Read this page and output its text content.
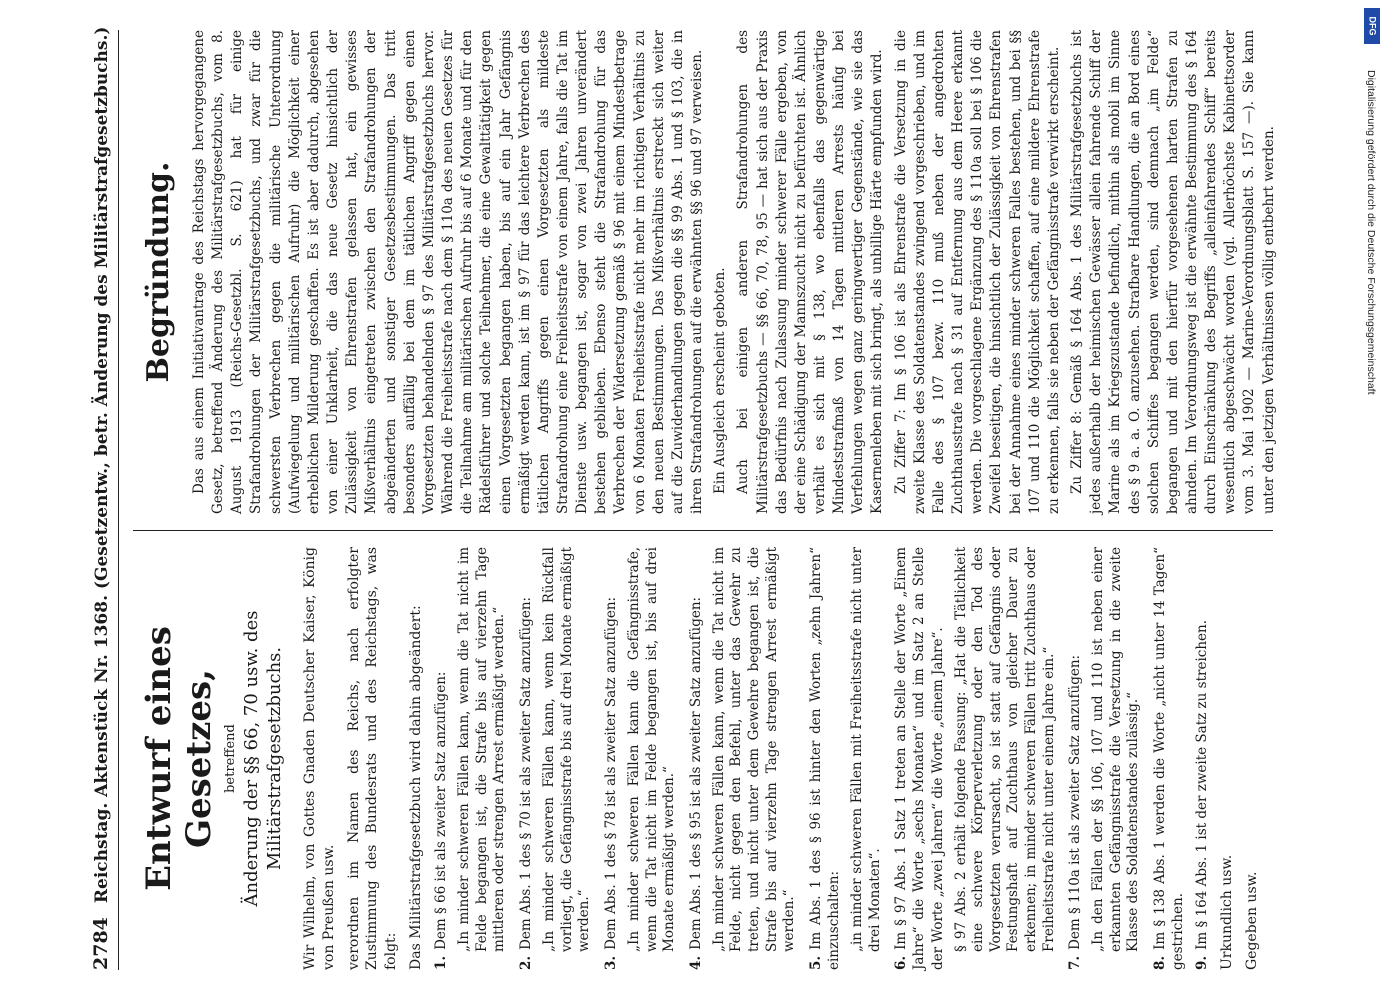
2784
Reichstag. Aktenstück Nr. 1368. (Gesetzentw., betr. Änderung des Militärstrafgesetzbuchs.) Entwurf eines Gesetzes, betreffend Änderung der §§ 66, 70 usw. des Militärstrafgesetzbuchs. Wir Wilhelm, von Gottes Gnaden Deutscher Kaiser, König von Preußen usw. verordnen im Namen des Reichs, nach erfolgter Zustimmung des Bundesrats und des Reichstags, was folgt: Das Militärstrafgesetzbuch wird dahin abgeändert: 1.Dem § 66 ist als zweiter Satz anzufügen: „In minder schweren Fällen kann, wenn die Tat nicht im Felde begangen ist, die Strafe bis auf vierzehn Tage mittleren oder strengen Arrest ermäßigt werden.“
2.Dem Abs. 1 des § 70 ist als zweiter Satz anzufügen: „In minder schweren Fällen kann, wenn kein Rückfall vorliegt, die Gefängnisstrafe bis auf drei Monate ermäßigt werden.“
3.Dem Abs. 1 des § 78 ist als zweiter Satz anzufügen: „In minder schweren Fällen kann die Gefängnisstrafe, wenn die Tat nicht im Felde begangen ist, bis auf drei Monate ermäßigt werden.“
4.Dem Abs. 1 des § 95 ist als zweiter Satz anzufügen: „In minder schweren Fällen kann, wenn die Tat nicht im Felde, nicht gegen den Befehl, unter das Gewehr zu treten, und nicht unter dem Gewehre begangen ist, die Strafe bis auf vierzehn Tage strengen Arrest ermäßigt werden.“
5.Im Abs. 1 des § 96 ist hinter den Worten „zehn Jahren“ einzuschalten: „in minder schweren Fällen mit Freiheitsstrafe nicht unter drei Monaten“.
6.Im § 97 Abs. 1 Satz 1 treten an Stelle der Worte „Einem Jahre“ die Worte „sechs Monaten“ und im Satz 2 an Stelle der Worte „zwei Jahren“ die Worte „einem Jahre“. § 97 Abs. 2 erhält folgende Fassung: „Hat die Tätlichkeit eine schwere Körperverletzung oder den Tod des Vorgesetzten verursacht, so ist statt auf Gefängnis oder Festungshaft auf Zuchthaus von gleicher Dauer zu erkennen; in minder schweren Fällen tritt Zuchthaus oder Freiheitsstrafe nicht unter einem Jahre ein.“
7.Dem § 110a ist als zweiter Satz anzufügen: „In den Fällen der §§ 106, 107 und 110 ist neben einer erkannten Gefängnisstrafe die Versetzung in die zweite Klasse des Soldatenstandes zulässig.“
8.Im § 138 Abs. 1 werden die Worte „nicht unter 14 Tagen“ gestrichen. 9.Im § 164 Abs. 1 ist der zweite Satz zu streichen. Urkundlich usw. Gegeben usw.

Begründung. Das aus einem Initiativantrage des Reichstags hervorgegangene Gesetz, betreffend Änderung des Militärstrafgesetzbuchs, vom 8. August 1913 (Reichs-Gesetzbl. S. 621) hat für einige Strafandrohungen der Militärstrafgesetzbuchs, und zwar für die schwersten Verbrechen gegen die militärische Unterordnung (Aufwiegelung und militärischen Aufruhr) die Möglichkeit einer erheblichen Milderung geschaffen. Es ist aber dadurch, abgesehen von einer Unklarheit, die das neue Gesetz hinsichtlich der Zulässigkeit von Ehrenstrafen gelassen hat, ein gewisses Mißverhältnis eingetreten zwischen den Strafandrohungen der abgeänderten und sonstiger Gesetzesbestimmungen. Das tritt besonders auffällig bei dem im tätlichen Angriff gegen einen Vorgesetzten behandelnden § 97 des Militärstrafgesetzbuchs hervor. Während die Freiheitsstrafe nach dem § 110a des neuen Gesetzes für die Teilnahme am militärischen Aufruhr bis auf 6 Monate und für den Rädelsführer und solche Teilnehmer, die eine Gewalttätigkeit gegen einen Vorgesetzten begangen haben, bis auf ein Jahr Gefängnis ermäßigt werden kann, ist im § 97 für das leichtere Verbrechen des tätlichen Angriffs gegen einen Vorgesetzten als mildeste Strafandrohung eine Freiheitsstrafe von einem Jahre, falls die Tat im Dienste usw. begangen ist, sogar von zwei Jahren unverändert bestehen geblieben. Ebenso steht die Strafandrohung für das Verbrechen der Widersetzung gemäß § 96 mit einem Mindestbetrage von 6 Monaten Freiheitsstrafe nicht mehr im richtigen Verhältnis zu den neuen Bestimmungen. Das Mißverhältnis erstreckt sich weiter auf die Zuwiderhandlungen gegen die §§ 99 Abs. 1 und § 103, die in ihren Strafandrohungen auf die erwähnten §§ 96 und 97 verweisen. Ein Ausgleich erscheint geboten. Auch bei einigen anderen Strafandrohungen des Militärstrafgesetzbuchs — §§ 66, 70, 78, 95 — hat sich aus der Praxis das Bedürfnis nach Zulassung minder schwerer Fälle ergeben, von der eine Schädigung der Mannszucht nicht zu befürchten ist. Ähnlich verhält es sich mit § 138, wo ebenfalls das gegenwärtige Mindeststrafmaß von 14 Tagen mittleren Arrests häufig bei Verfehlungen wegen ganz geringwertiger Gegenstände, wie sie das Kasernenleben mit sich bringt, als unbillige Härte empfunden wird. Zu Ziffer 7: Im § 106 ist als Ehrenstrafe die Versetzung in die zweite Klasse des Soldatenstandes zwingend vorgeschrieben, und im Falle des § 107 bezw. 110 muß neben der angedrohten Zuchthausstrafe nach § 31 auf Entfernung aus dem Heere erkannt werden. Die vorgeschlagene Ergänzung des § 110a soll bei § 106 die Zweifel beseitigen, die hinsichtlich der Zulässigkeit von Ehrenstrafen bei der Annahme eines minder schweren Falles bestehen, und bei §§ 107 und 110 die Möglichkeit schaffen, auf eine mildere Ehrenstrafe zu erkennen, falls sie neben der Gefängnisstrafe verwirkt erscheint. Zu Ziffer 8: Gemäß § 164 Abs. 1 des Militärstrafgesetzbuchs ist jedes außerhalb der heimischen Gewässer allein fahrende Schiff der Marine als im Kriegszustande befindlich, mithin als mobil im Sinne des § 9 a. a. O. anzusehen. Strafbare Handlungen, die an Bord eines solchen Schiffes begangen werden, sind demnach „im Felde“ begangen und mit den hierfür vorgesehenen harten Strafen zu ahnden. Im Verordnungsweg ist die erwähnte Bestimmung des § 164 durch Einschränkung des Begriffs „alleinfahrendes Schiff“ bereits wesentlich abgeschwächt worden (vgl. Allerhöchste Kabinettsorder vom 3. Mai 1902 — Marine-Verordnungsblatt S. 157 —). Sie kann unter den jetzigen Verhältnissen völlig entbehrt werden.	Digitalisierung gefördert durch die Deutsche Forschungsgemeinschaft
DFG
